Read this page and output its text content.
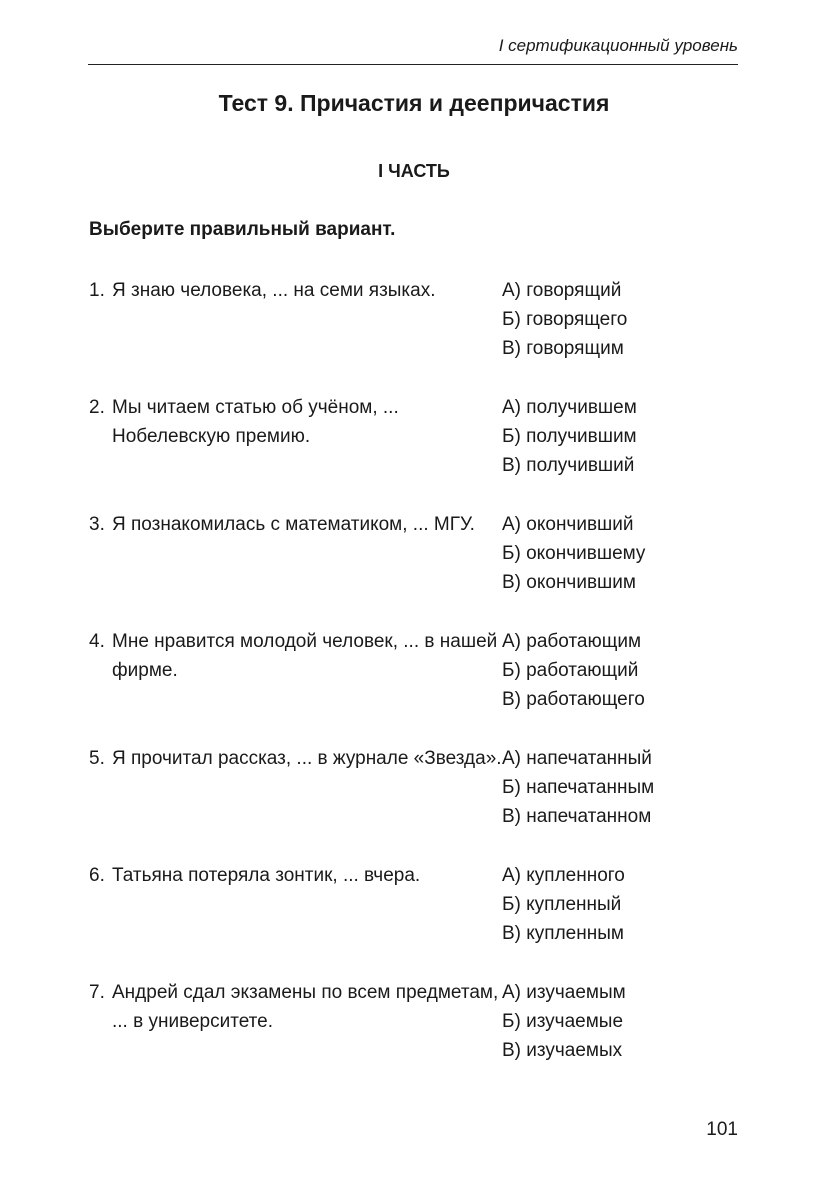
I сертификационный уровень
Тест 9. Причастия и деепричастия
I ЧАСТЬ
Выберите правильный вариант.
1. Я знаю человека, ... на семи языках.	А) говорящий
Б) говорящего
В) говорящим
2. Мы читаем статью об учёном, ... Нобелевскую премию.
А) получившем
Б) получившим
В) получивший
3. Я познакомилась с математиком, ... МГУ.	А) окончивший
Б) окончившему
В) окончившим
4. Мне нравится молодой человек, ... в нашей фирме.
А) работающим
Б) работающий
В) работающего
5. Я прочитал рассказ, ... в журнале «Звезда». А) напечатанный
Б) напечатанным
В) напечатанном
6. Татьяна потеряла зонтик, ... вчера.	А) купленного
Б) купленный
В) купленным
7. Андрей сдал экзамены по всем предметам, ... в университете.
А) изучаемым
Б) изучаемые
В) изучаемых
101
